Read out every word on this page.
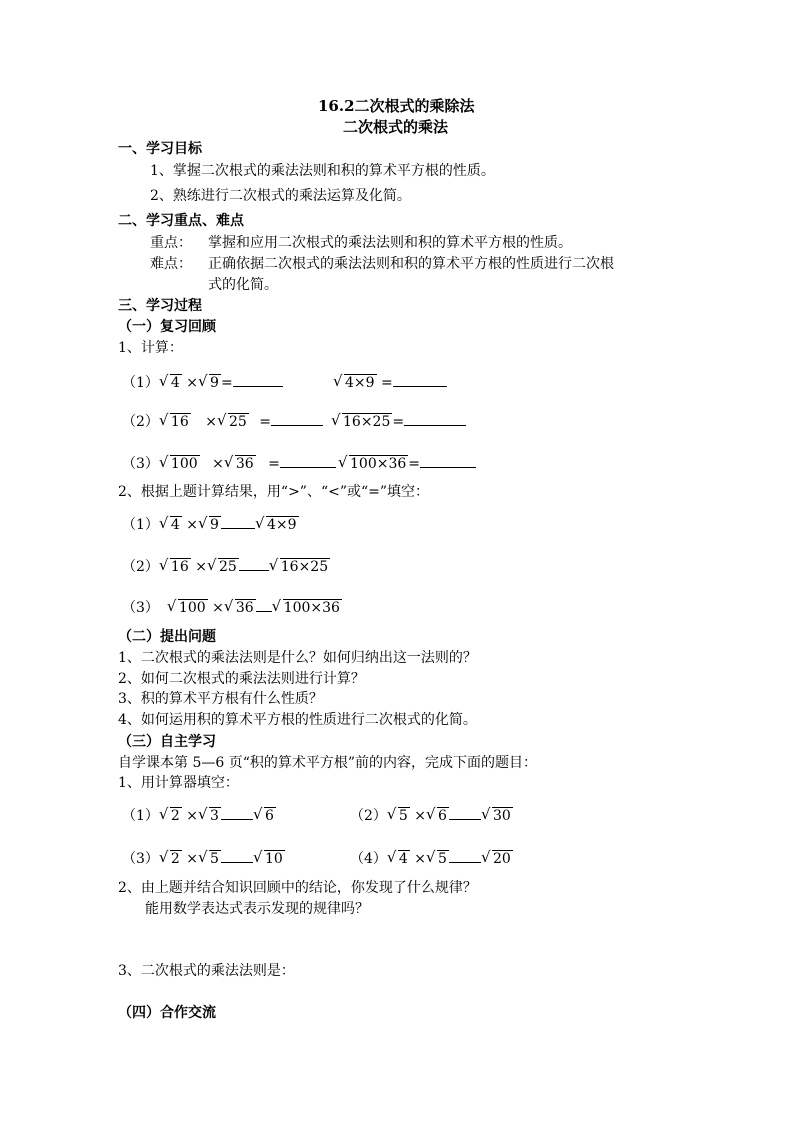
16.2二次根式的乘除法
二次根式的乘法
一、学习目标
1、掌握二次根式的乘法法则和积的算术平方根的性质。
2、熟练进行二次根式的乘法运算及化简。
二、学习重点、难点
重点： 掌握和应用二次根式的乘法法则和积的算术平方根的性质。
难点： 正确依据二次根式的乘法法则和积的算术平方根的性质进行二次根
式的化简。
三、学习过程
（一）复习回顾
1、计算：
（1） √ 4 × √ 9 =	√ 4×9 =
（2） √ 16 × √ 25 =	√ 16×25 =
（3） √ 100 × √ 36 =	√ 100×36 =
2、根据上题计算结果，用“>”、“<”或“=”填空：
（1） √ 4 × √ 9	√ 4×9
（2） √ 16 × √ 25	√ 16×25
（3） √ 100 × √ 36 √ 100×36
（二）提出问题
1、二次根式的乘法法则是什么？如何归纳出这一法则的？
2、如何二次根式的乘法法则进行计算？
3、积的算术平方根有什么性质？
4、如何运用积的算术平方根的性质进行二次根式的化简。
（三）自主学习
自学课本第 5—6 页“积的算术平方根”前的内容，完成下面的题目：
1、用计算器填空：
（1） √ 2 × √ 3	√ 6	（2） √ 5 × √ 6	√ 30
（3） √ 2 × √ 5	√ 10	（4） √ 4 × √ 5	√ 20
2、由上题并结合知识回顾中的结论，你发现了什么规律？
能用数学表达式表示发现的规律吗？
3、二次根式的乘法法则是：
（四）合作交流
